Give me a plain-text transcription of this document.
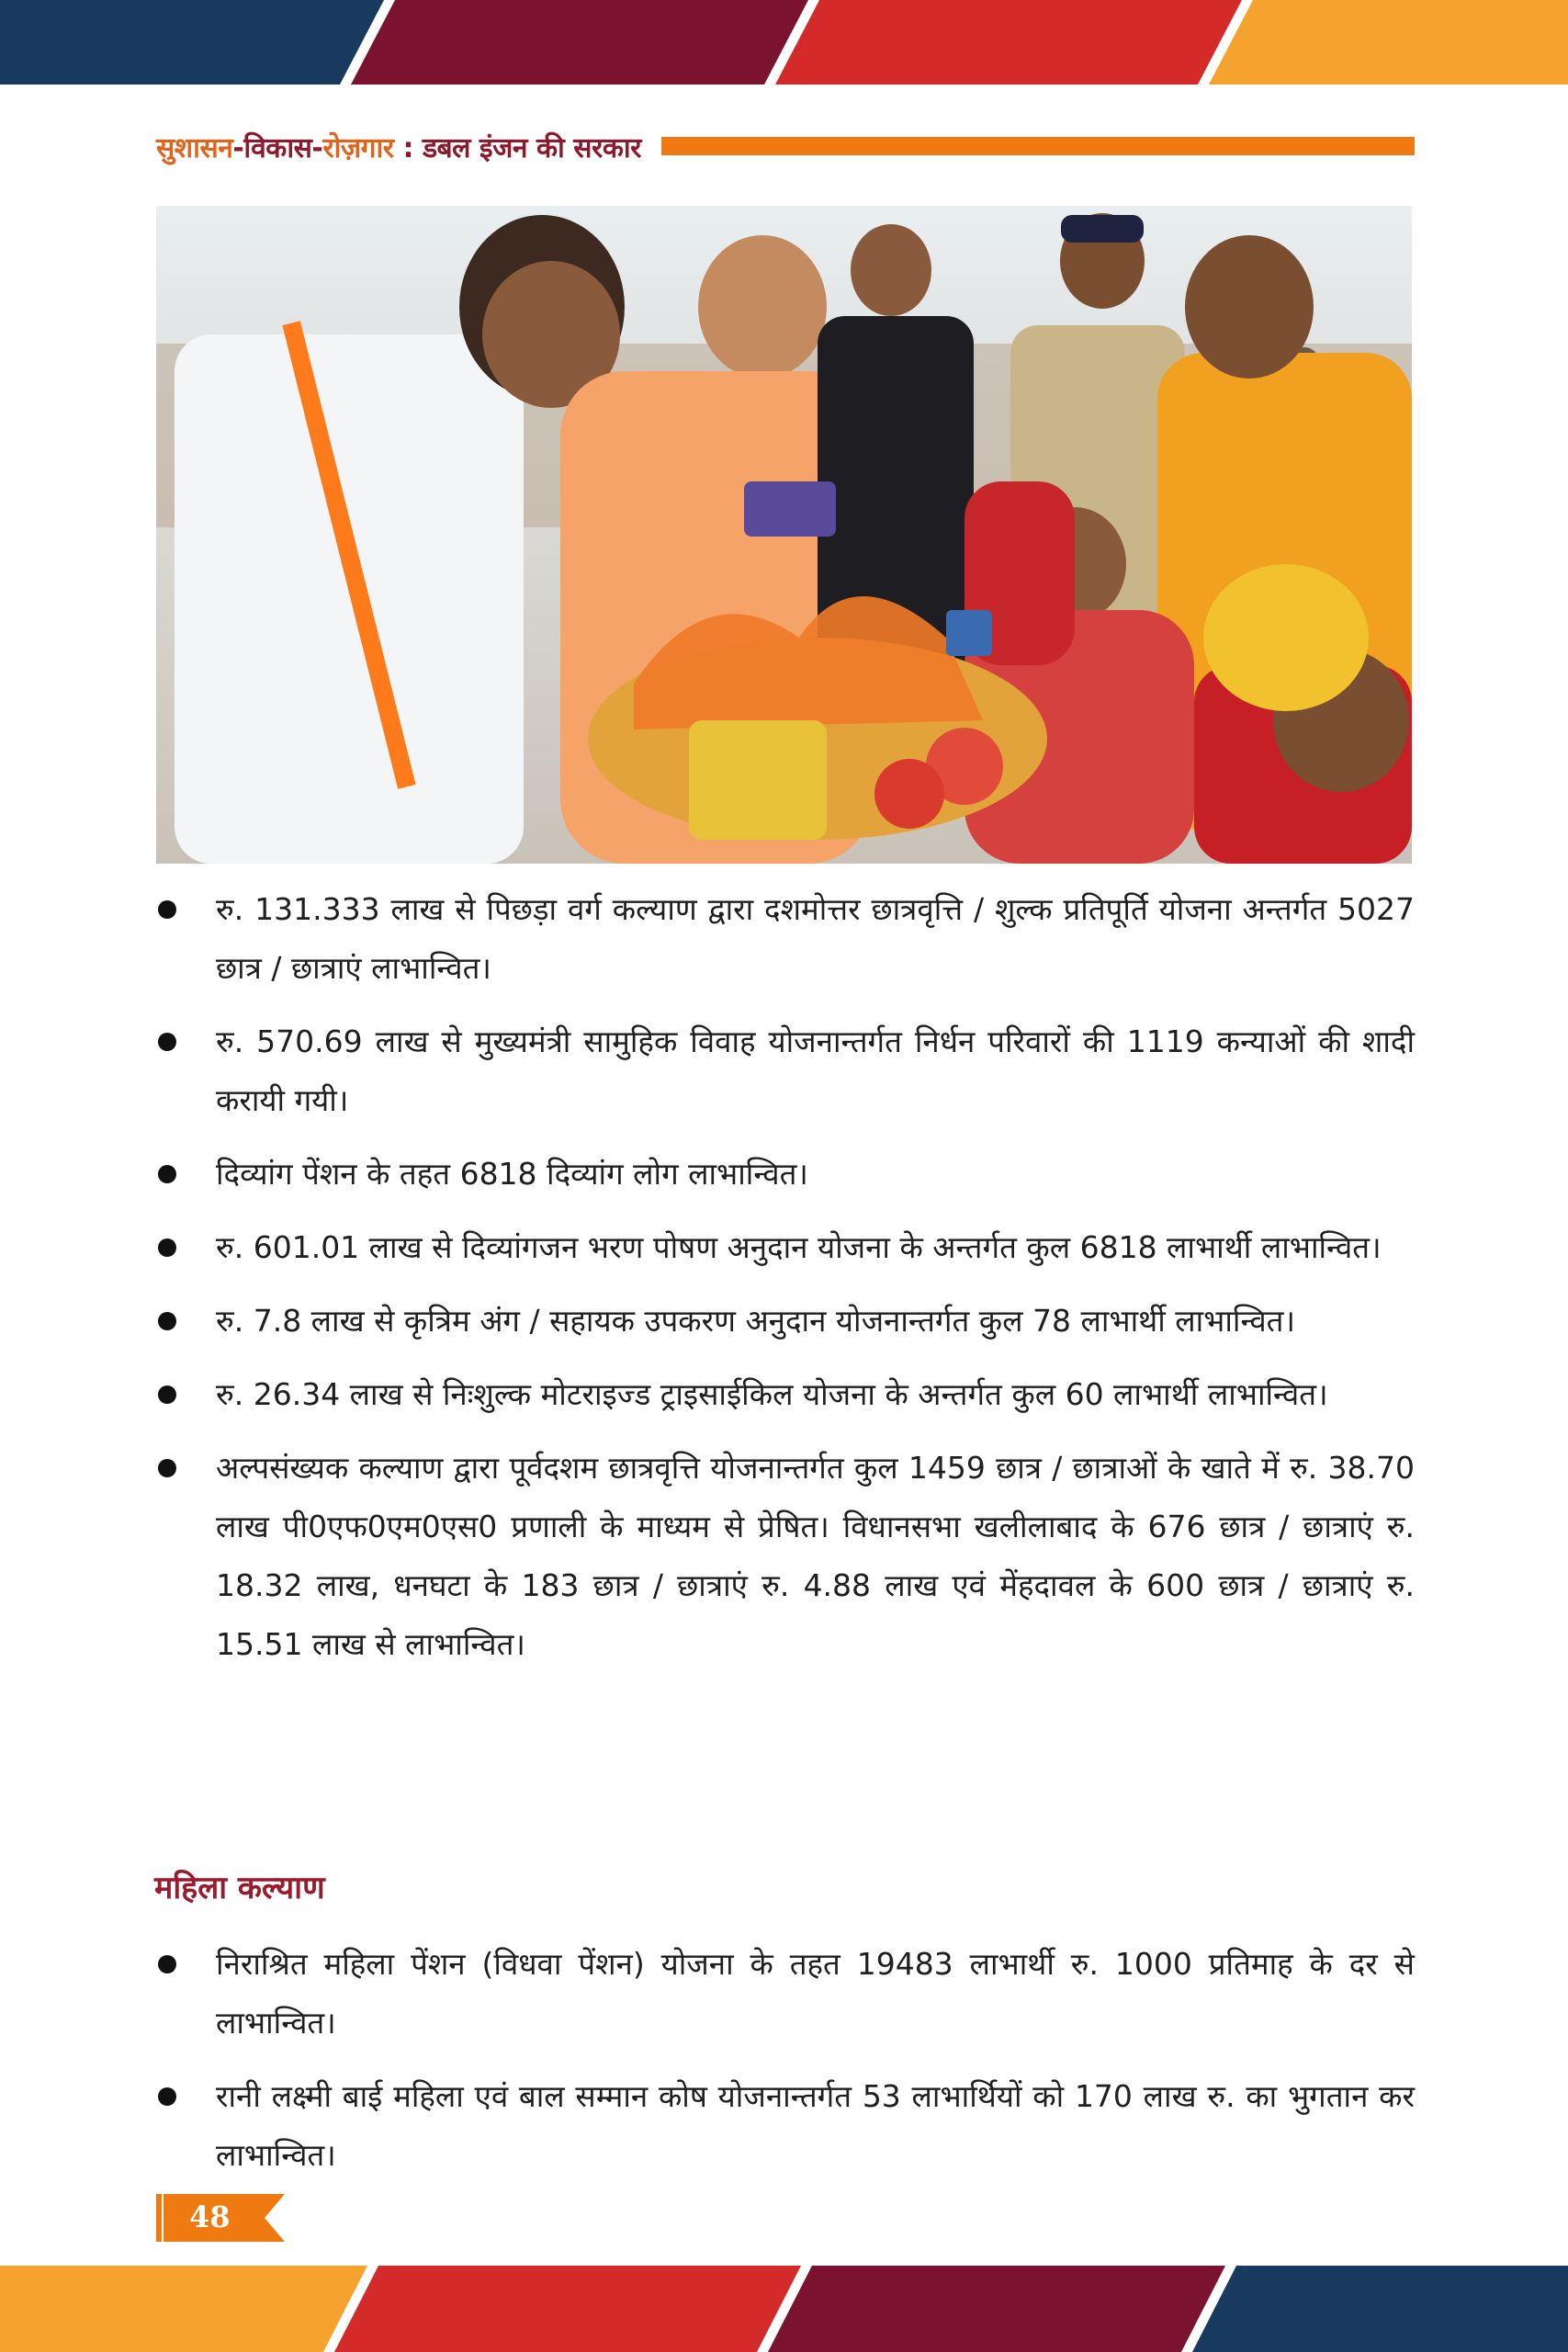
सुशासन-विकास-रोज़गार : डबल इंजन की सरकार
रु. 131.333 लाख से पिछड़ा वर्ग कल्याण द्वारा दशमोत्तर छात्रवृत्ति / शुल्क प्रतिपूर्ति योजना अन्तर्गत 5027 छात्र / छात्राएं लाभान्वित।
रु. 570.69 लाख से मुख्यमंत्री सामुहिक विवाह योजनान्तर्गत निर्धन परिवारों की 1119 कन्याओं की शादी करायी गयी।
दिव्यांग पेंशन के तहत 6818 दिव्यांग लोग लाभान्वित।
रु. 601.01 लाख से दिव्यांगजन भरण पोषण अनुदान योजना के अन्तर्गत कुल 6818 लाभार्थी लाभान्वित।
रु. 7.8 लाख से कृत्रिम अंग / सहायक उपकरण अनुदान योजनान्तर्गत कुल 78 लाभार्थी लाभान्वित।
रु. 26.34 लाख से निःशुल्क मोटराइज्ड ट्राइसाईकिल योजना के अन्तर्गत कुल 60 लाभार्थी लाभान्वित।
अल्पसंख्यक कल्याण द्वारा पूर्वदशम छात्रवृत्ति योजनान्तर्गत कुल 1459 छात्र / छात्राओं के खाते में रु. 38.70 लाख पी0एफ0एम0एस0 प्रणाली के माध्यम से प्रेषित। विधानसभा खलीलाबाद के 676 छात्र / छात्राएं रु. 18.32 लाख, धनघटा के 183 छात्र / छात्राएं रु. 4.88 लाख एवं मेंहदावल के 600 छात्र / छात्राएं रु. 15.51 लाख से लाभान्वित।
महिला कल्याण
निराश्रित महिला पेंशन (विधवा पेंशन) योजना के तहत 19483 लाभार्थी रु. 1000 प्रतिमाह के दर से लाभान्वित।
रानी लक्ष्मी बाई महिला एवं बाल सम्मान कोष योजनान्तर्गत 53 लाभार्थियों को 170 लाख रु. का भुगतान कर लाभान्वित।
48
